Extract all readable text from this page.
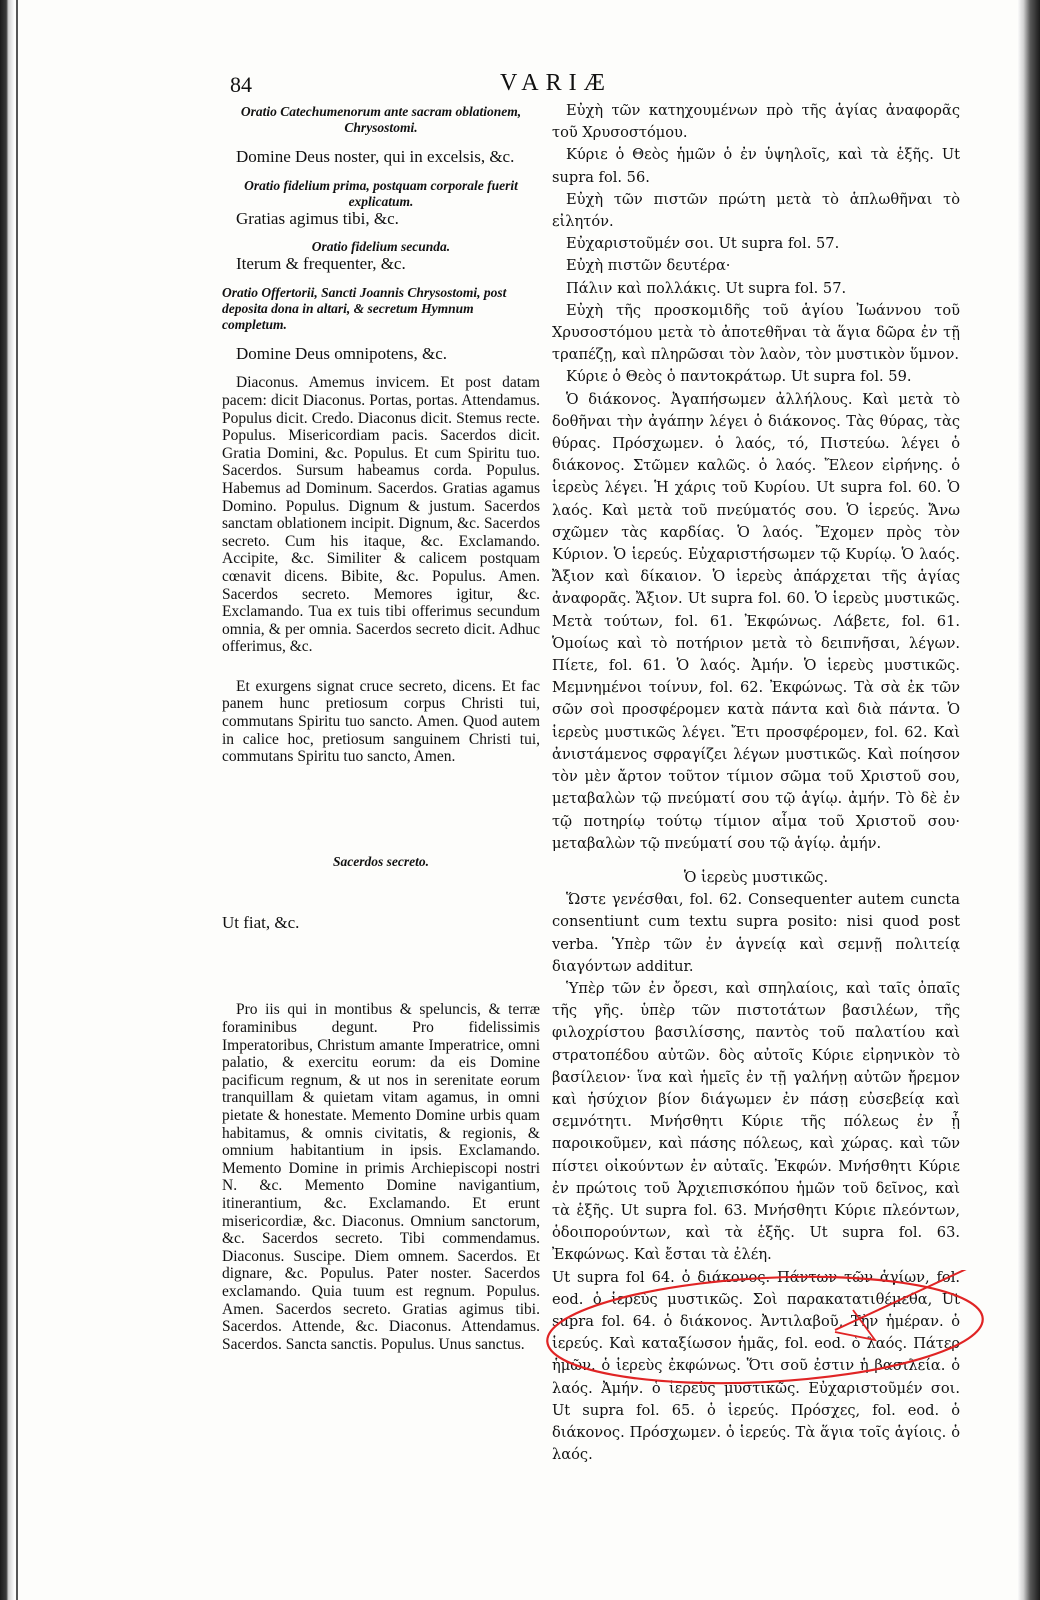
84	VARIÆ

Oratio Catechumenorum ante sacram oblationem, Chrysostomi.

Domine Deus noster, qui in excelsis, &c.

Oratio fidelium prima, postquam corporale fuerit explicatum.

Gratias agimus tibi, &c.

Oratio fidelium secunda.

Iterum & frequenter, &c.

Oratio Offertorii, Sancti Joannis Chrysostomi, post deposita dona in altari, & secretum Hymnum completum.

Domine Deus omnipotens, &c.

Diaconus. Amemus invicem. Et post datam pacem: dicit Diaconus. Portas, portas. Attendamus. Populus dicit. Credo. Diaconus dicit. Stemus recte. Populus. Misericordiam pacis. Sacerdos dicit. Gratia Domini, &c. Populus. Et cum Spiritu tuo. Sacerdos. Sursum habeamus corda. Populus. Habemus ad Dominum. Sacerdos. Gratias agamus Domino. Populus. Dignum & justum. Sacerdos sanctam oblationem incipit. Dignum, &c. Sacerdos secreto. Cum his itaque, &c. Exclamando. Accipite, &c. Similiter & calicem postquam cœnavit dicens. Bibite, &c. Populus. Amen. Sacerdos secreto. Memores igitur, &c. Exclamando. Tua ex tuis tibi offerimus secundum omnia, & per omnia. Sacerdos secreto dicit. Adhuc offerimus, &c.

Et exurgens signat cruce secreto, dicens. Et fac panem hunc pretiosum corpus Christi tui, commutans Spiritu tuo sancto. Amen. Quod autem in calice hoc, pretiosum sanguinem Christi tui, commutans Spiritu tuo sancto, Amen.

Sacerdos secreto.

Ut fiat, &c.

Pro iis qui in montibus & speluncis, & terræ foraminibus degunt. Pro fidelissimis Imperatoribus, Christum amante Imperatrice, omni palatio, & exercitu eorum: da eis Domine pacificum regnum, & ut nos in serenitate eorum tranquillam & quietam vitam agamus, in omni pietate & honestate. Memento Domine urbis quam habitamus, & omnis civitatis, & regionis, & omnium habitantium in ipsis. Exclamando. Memento Domine in primis Archiepiscopi nostri N. &c. Memento Domine navigantium, itinerantium, &c. Exclamando. Et erunt misericordiæ, &c. Diaconus. Omnium sanctorum, &c. Sacerdos secreto. Tibi commendamus. Diaconus. Suscipe. Diem omnem. Sacerdos. Et dignare, &c. Populus. Pater noster. Sacerdos exclamando. Quia tuum est regnum. Populus. Amen. Sacerdos secreto. Gratias agimus tibi. Sacerdos. Attende, &c. Diaconus. Attendamus. Sacerdos. Sancta sanctis. Populus. Unus sanctus.

Εὐχὴ τῶν κατηχουμένων πρὸ τῆς ἁγίας ἀναφορᾶς τοῦ Χρυσοστόμου.

Κύριε ὁ Θεὸς ἡμῶν ὁ ἐν ὑψηλοῖς, καὶ τὰ ἑξῆς. Ut supra fol. 56.

Εὐχὴ τῶν πιστῶν πρώτη μετὰ τὸ ἁπλωθῆναι τὸ εἰλητόν.

Εὐχαριστοῦμέν σοι. Ut supra fol. 57.

Εὐχὴ πιστῶν δευτέρα·

Πάλιν καὶ πολλάκις. Ut supra fol. 57.

Εὐχὴ τῆς προσκομιδῆς τοῦ ἁγίου Ἰωάννου τοῦ Χρυσοστόμου μετὰ τὸ ἀποτεθῆναι τὰ ἅγια δῶρα ἐν τῇ τραπέζῃ, καὶ πληρῶσαι τὸν λαὸν, τὸν μυστικὸν ὕμνον.

Κύριε ὁ Θεὸς ὁ παντοκράτωρ. Ut supra fol. 59.

Ὁ διάκονος. Ἀγαπήσωμεν ἀλλήλους. Καὶ μετὰ τὸ δοθῆναι τὴν ἀγάπην λέγει ὁ διάκονος. Τὰς θύρας, τὰς θύρας. Πρόσχωμεν. ὁ λαός, τό, Πιστεύω. λέγει ὁ διάκονος. Στῶμεν καλῶς. ὁ λαός. Ἔλεον εἰρήνης. ὁ ἱερεὺς λέγει. Ἡ χάρις τοῦ Κυρίου. Ut supra fol. 60. Ὁ λαός. Καὶ μετὰ τοῦ πνεύματός σου. Ὁ ἱερεύς. Ἄνω σχῶμεν τὰς καρδίας. Ὁ λαός. Ἔχομεν πρὸς τὸν Κύριον. Ὁ ἱερεύς. Εὐχαριστήσωμεν τῷ Κυρίῳ. Ὁ λαός. Ἄξιον καὶ δίκαιον. Ὁ ἱερεὺς ἀπάρχεται τῆς ἁγίας ἀναφορᾶς. Ἄξιον. Ut supra fol. 60. Ὁ ἱερεὺς μυστικῶς. Μετὰ τούτων, fol. 61. Ἐκφώνως. Λάβετε, fol. 61. Ὁμοίως καὶ τὸ ποτήριον μετὰ τὸ δειπνῆσαι, λέγων. Πίετε, fol. 61. Ὁ λαός. Ἀμήν. Ὁ ἱερεὺς μυστικῶς. Μεμνημένοι τοίνυν, fol. 62. Ἐκφώνως. Τὰ σὰ ἐκ τῶν σῶν σοὶ προσφέρομεν κατὰ πάντα καὶ διὰ πάντα. Ὁ ἱερεὺς μυστικῶς λέγει. Ἔτι προσφέρομεν, fol. 62. Καὶ ἀνιστάμενος σφραγίζει λέγων μυστικῶς. Καὶ ποίησον τὸν μὲν ἄρτον τοῦτον τίμιον σῶμα τοῦ Χριστοῦ σου, μεταβαλὼν τῷ πνεύματί σου τῷ ἁγίῳ. ἀμήν. Τὸ δὲ ἐν τῷ ποτηρίῳ τούτῳ τίμιον αἷμα τοῦ Χριστοῦ σου· μεταβαλὼν τῷ πνεύματί σου τῷ ἁγίῳ. ἀμήν.

Ὁ ἱερεὺς μυστικῶς.

Ὥστε γενέσθαι, fol. 62. Consequenter autem cuncta consentiunt cum textu supra posito: nisi quod post verba. Ὑπὲρ τῶν ἐν ἁγνείᾳ καὶ σεμνῇ πολιτείᾳ διαγόντων additur.

Ὑπὲρ τῶν ἐν ὄρεσι, καὶ σπηλαίοις, καὶ ταῖς ὀπαῖς τῆς γῆς. ὑπὲρ τῶν πιστοτάτων βασιλέων, τῆς φιλοχρίστου βασιλίσσης, παντὸς τοῦ παλατίου καὶ στρατοπέδου αὐτῶν. δὸς αὐτοῖς Κύριε εἰρηνικὸν τὸ βασίλειον· ἵνα καὶ ἡμεῖς ἐν τῇ γαλήνῃ αὐτῶν ἤρεμον καὶ ἡσύχιον βίον διάγωμεν ἐν πάσῃ εὐσεβείᾳ καὶ σεμνότητι. Μνήσθητι Κύριε τῆς πόλεως ἐν ᾗ παροικοῦμεν, καὶ πάσης πόλεως, καὶ χώρας. καὶ τῶν πίστει οἰκούντων ἐν αὐταῖς. Ἐκφών. Μνήσθητι Κύριε ἐν πρώτοις τοῦ Ἀρχιεπισκόπου ἡμῶν τοῦ δεῖνος, καὶ τὰ ἑξῆς. Ut supra fol. 63. Μνήσθητι Κύριε πλεόντων, ὁδοιπορούντων, καὶ τὰ ἑξῆς. Ut supra fol. 63. Ἐκφώνως. Καὶ ἔσται τὰ ἐλέη.

Ut supra fol 64. ὁ διάκονος. Πάντων τῶν ἁγίων, fol. eod. ὁ ἱερεὺς μυστικῶς. Σοὶ παρακατατιθέμεθα, Ut supra fol. 64. ὁ διάκονος. Ἀντιλαβοῦ, Τὴν ἡμέραν. ὁ ἱερεύς. Καὶ καταξίωσον ἡμᾶς, fol. eod. ὁ λαός. Πάτερ ἡμῶν. ὁ ἱερεὺς ἐκφώνως. Ὅτι σοῦ ἐστιν ἡ βασιλεία. ὁ λαός. Ἀμήν. ὁ ἱερεὺς μυστικῶς. Εὐχαριστοῦμέν σοι. Ut supra fol. 65. ὁ ἱερεύς. Πρόσχες, fol. eod. ὁ διάκονος. Πρόσχωμεν. ὁ ἱερεύς. Τὰ ἅγια τοῖς ἁγίοις. ὁ λαός.
